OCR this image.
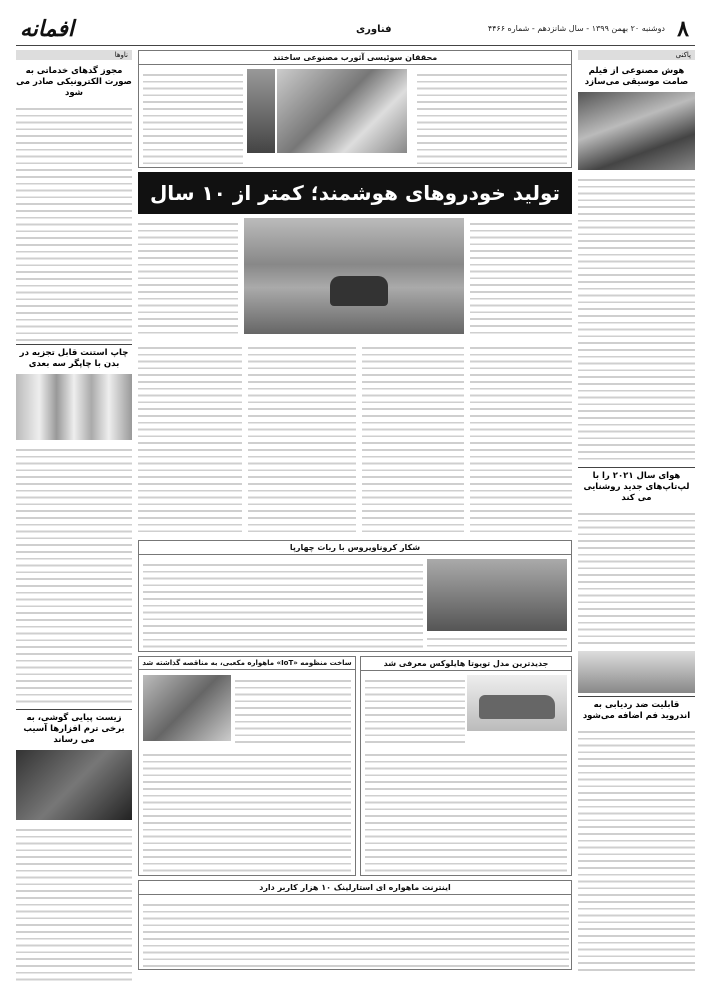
۸
دوشنبه ۲۰ بهمن ۱۳۹۹ - سال شانزدهم - شماره ۴۴۶۶
فناوری
افمانه
ناوها
مجوز گدهای خدماتی به صورت الکترونیکی صادر می شود
چاپ استنت قابل تجزیه در بدن با چاپگر سه بعدی
زیست پیایی گوشی، به برخی ترم افزارها آسیب می رساند
پاکنی
هوش مصنوعی از فیلم صامت موسیقی می‌سازد
هوای سال ۲۰۲۱ را با لپ‌تاپ‌های جدید روشنایی می کند
قابلیت ضد ردیابی به اندروید فم اضافه می‌شود
محققان سوئیسی آثورب مصنوعی ساختند
تولید خودروهای هوشمند؛ کمتر از ۱۰ سال
شکار کروناویروس با ربات چهارپا
جدیدترین مدل تویوتا هایلوکس معرفی شد
ساخت منظومه «IoT» ماهواره مکعبی، به مناقصه گذاشته شد
اینترنت ماهواره ای استارلینک ۱۰ هزار کاربر دارد
